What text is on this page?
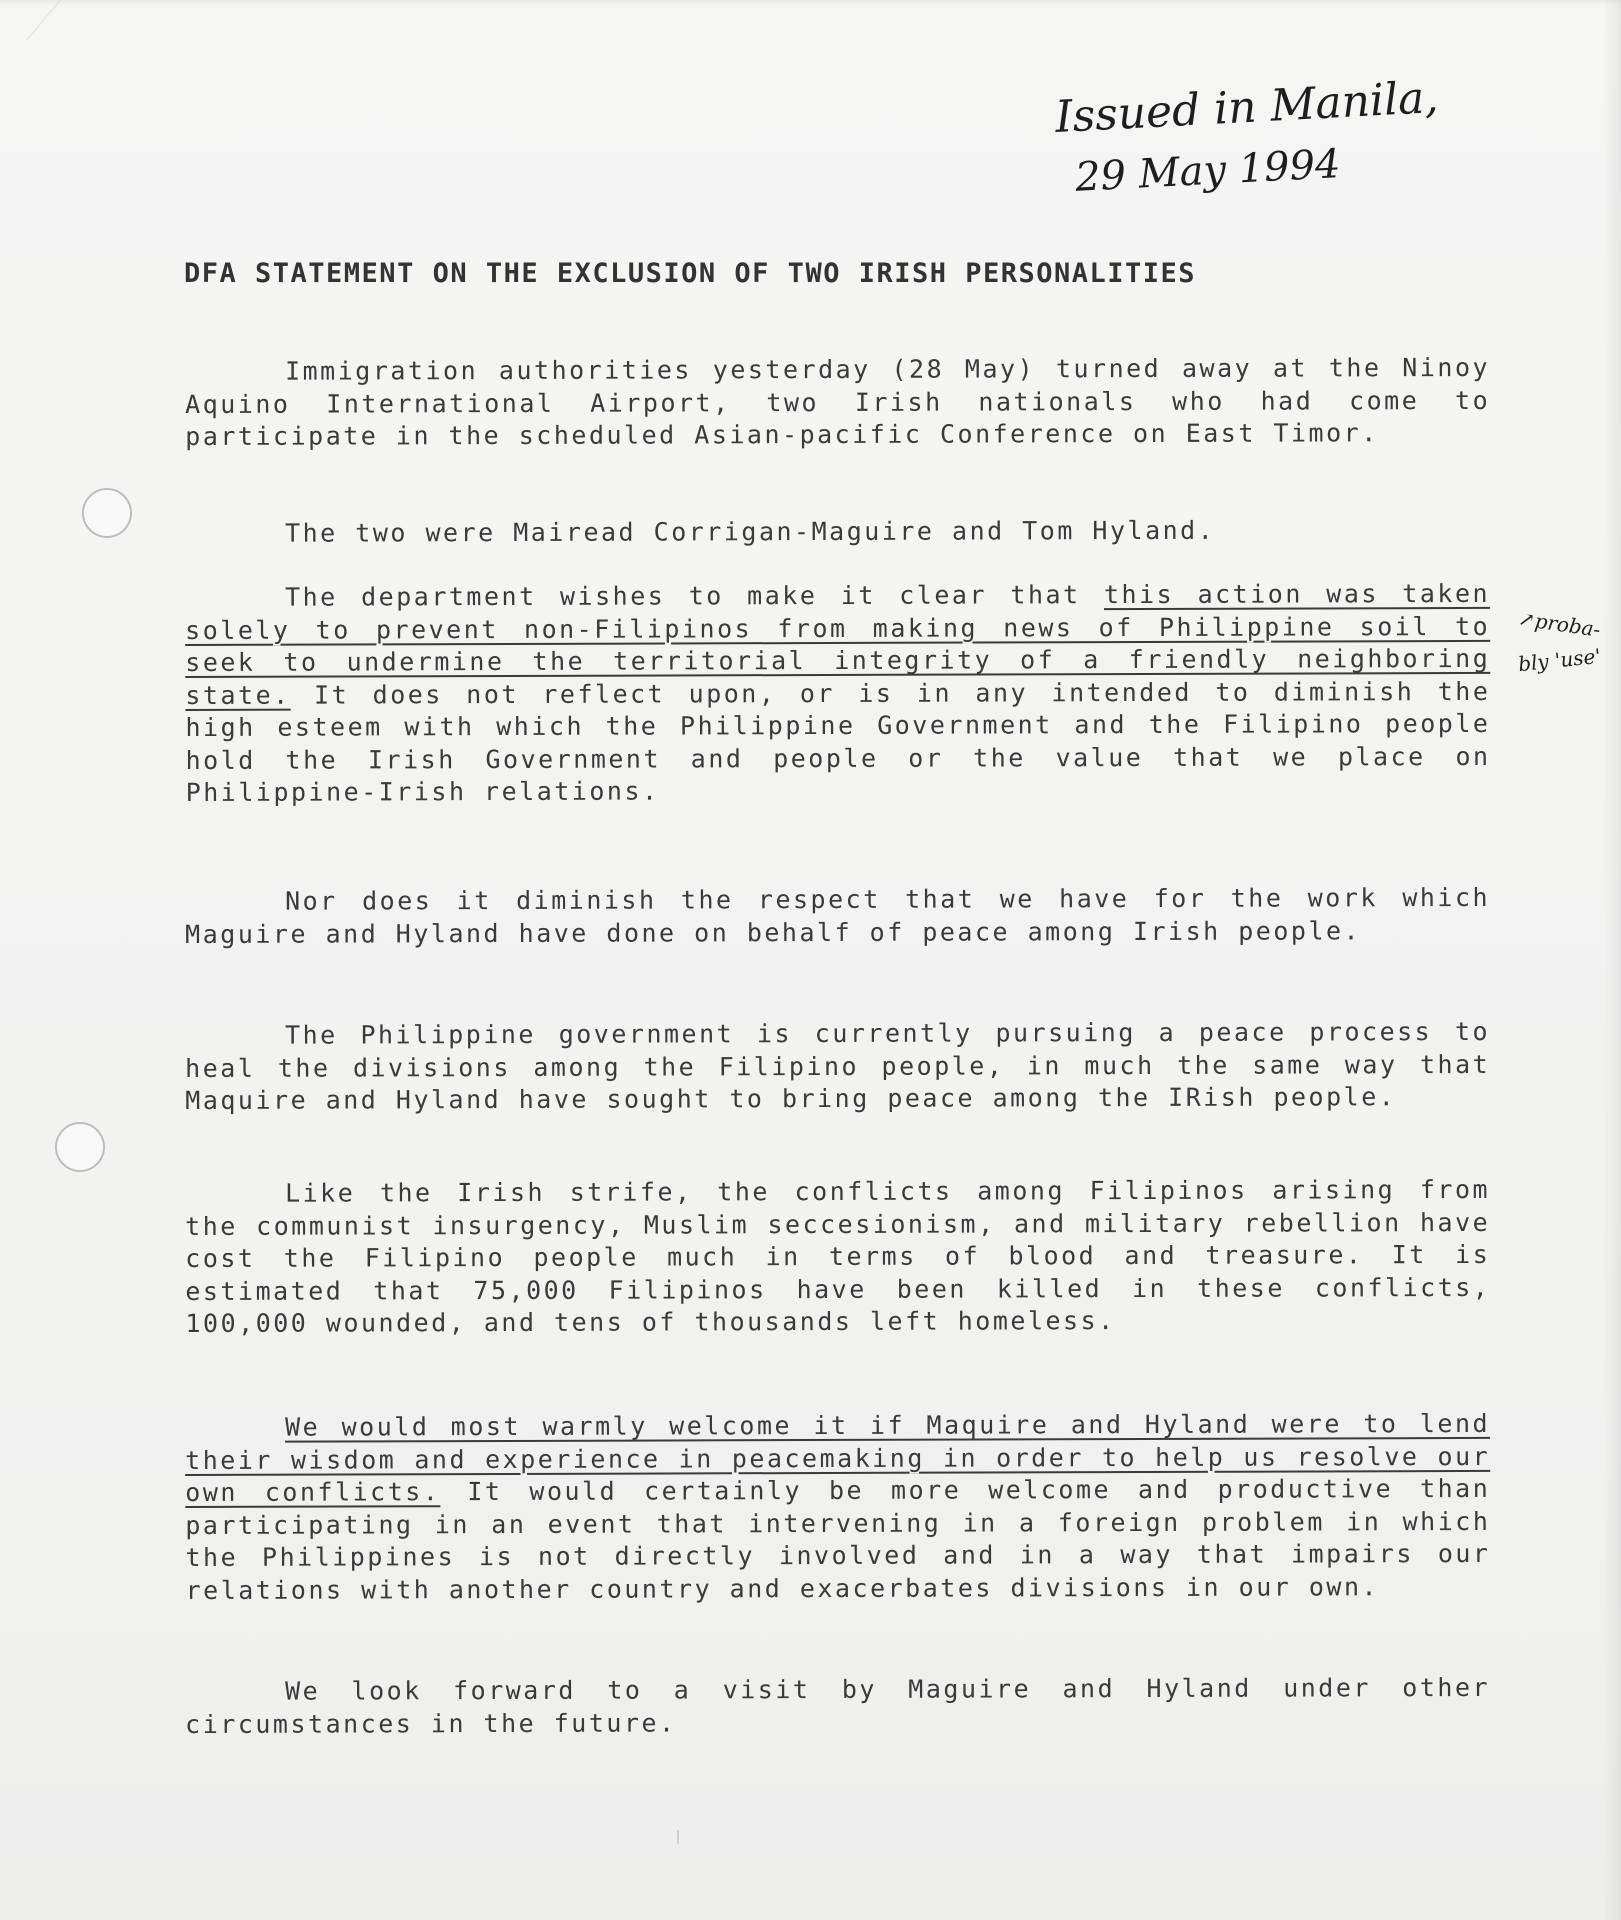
Issued in Manila,
29 May 1994
↗proba-
bly 'use'
DFA STATEMENT ON THE EXCLUSION OF TWO IRISH PERSONALITIES
Immigration authorities yesterday (28 May) turned away at the Ninoy Aquino International Airport, two Irish nationals who had come to participate in the scheduled Asian-pacific Conference on East Timor.
The two were Mairead Corrigan-Maguire and Tom Hyland.
The department wishes to make it clear that this action was taken solely to prevent non-Filipinos from making news of Philippine soil to seek to undermine the territorial integrity of a friendly neighboring state. It does not reflect upon, or is in any intended to diminish the high esteem with which the Philippine Government and the Filipino people hold the Irish Government and people or the value that we place on Philippine-Irish relations.
Nor does it diminish the respect that we have for the work which Maguire and Hyland have done on behalf of peace among Irish people.
The Philippine government is currently pursuing a peace process to heal the divisions among the Filipino people, in much the same way that Maquire and Hyland have sought to bring peace among the IRish people.
Like the Irish strife, the conflicts among Filipinos arising from the communist insurgency, Muslim seccesionism, and military rebellion have cost the Filipino people much in terms of blood and treasure. It is estimated that 75,000 Filipinos have been killed in these conflicts, 100,000 wounded, and tens of thousands left homeless.
We would most warmly welcome it if Maquire and Hyland were to lend their wisdom and experience in peacemaking in order to help us resolve our own conflicts. It would certainly be more welcome and productive than participating in an event that intervening in a foreign problem in which the Philippines is not directly involved and in a way that impairs our relations with another country and exacerbates divisions in our own.
We look forward to a visit by Maguire and Hyland under other circumstances in the future.
